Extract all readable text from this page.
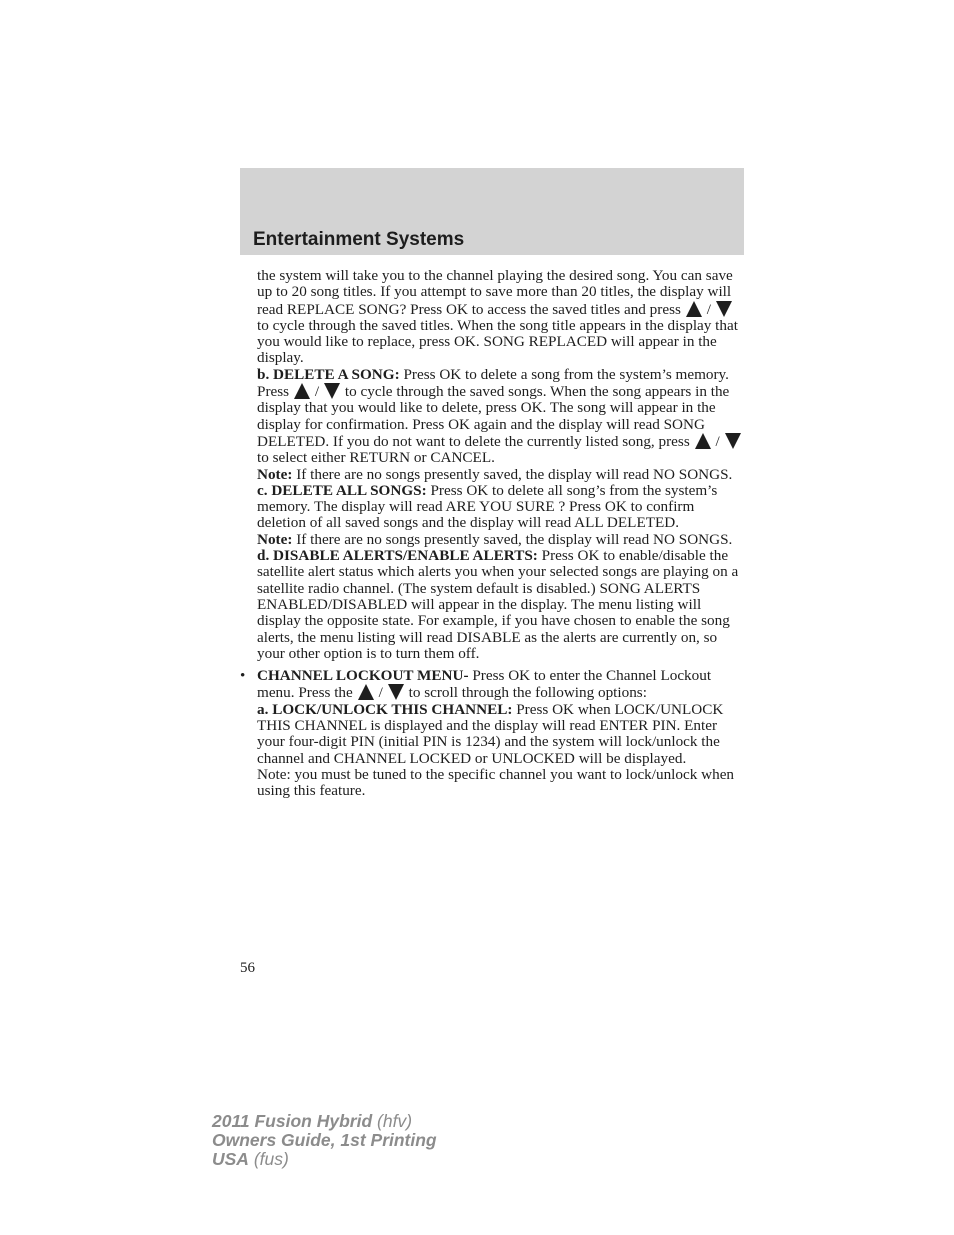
Entertainment Systems

the system will take you to the channel playing the desired song. You can save up to 20 song titles. If you attempt to save more than 20 titles, the display will read REPLACE SONG? Press OK to access the saved titles and press /
to cycle through the saved titles. When the song title appears in the display that you would like to replace, press OK. SONG REPLACED will appear in the display.

b. DELETE A SONG: Press OK to delete a song from the system’s memory. Press / to cycle through the saved songs. When the song appears in the display that you would like to delete, press OK. The song will appear in the display for confirmation. Press OK again and the display will read SONG DELETED. If you do not want to delete the currently listed song, press /
to select either RETURN or CANCEL.

Note: If there are no songs presently saved, the display will read NO SONGS.

c. DELETE ALL SONGS: Press OK to delete all song’s from the system’s memory. The display will read ARE YOU SURE ? Press OK to confirm deletion of all saved songs and the display will read ALL DELETED.

Note: If there are no songs presently saved, the display will read NO SONGS.

d. DISABLE ALERTS/ENABLE ALERTS: Press OK to enable/disable the satellite alert status which alerts you when your selected songs are playing on a satellite radio channel. (The system default is disabled.) SONG ALERTS ENABLED/DISABLED will appear in the display. The menu listing will display the opposite state. For example, if you have chosen to enable the song alerts, the menu listing will read DISABLE as the alerts are currently on, so your other option is to turn them off.

• CHANNEL LOCKOUT MENU- Press OK to enter the Channel Lockout menu. Press the / to scroll through the following options:

a. LOCK/UNLOCK THIS CHANNEL: Press OK when LOCK/UNLOCK THIS CHANNEL is displayed and the display will read ENTER PIN. Enter your four-digit PIN (initial PIN is 1234) and the system will lock/unlock the channel and CHANNEL LOCKED or UNLOCKED will be displayed.

Note: you must be tuned to the specific channel you want to lock/unlock when using this feature.

56
2011 Fusion Hybrid (hfv)
Owners Guide, 1st Printing
USA (fus)
